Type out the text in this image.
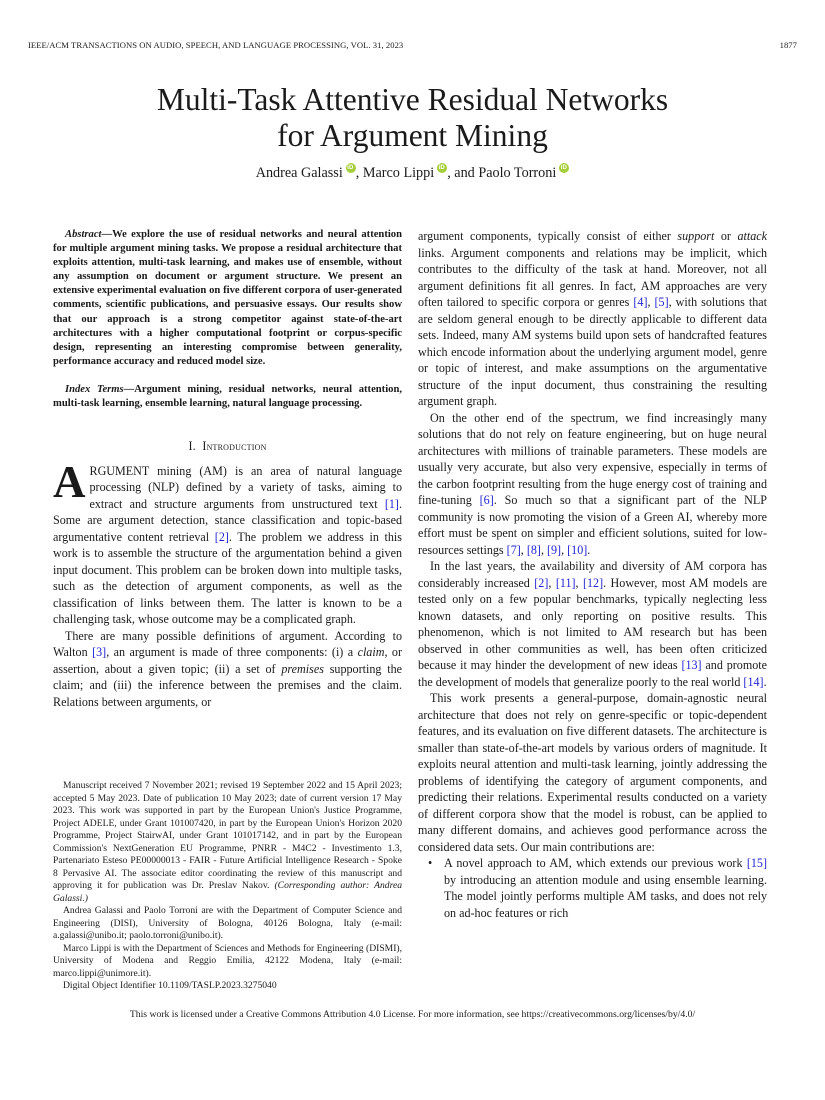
IEEE/ACM TRANSACTIONS ON AUDIO, SPEECH, AND LANGUAGE PROCESSING, VOL. 31, 2023	1877
Multi-Task Attentive Residual Networks
for Argument Mining
Andrea Galassi iD , Marco Lippi iD , and Paolo TorroniiD

Abstract—We explore the use of residual networks and neural attention for multiple argument mining tasks. We propose a residual architecture that exploits attention, multi-task learning, and makes use of ensemble, without any assumption on document or argument structure. We present an extensive experimental evaluation on five different corpora of user-generated comments, scientific publications, and persuasive essays. Our results show that our approach is a strong competitor against state-of-the-art architectures with a higher computational footprint or corpus-specific design, representing an interesting compromise between generality, performance accuracy and reduced model size.

Index Terms—Argument mining, residual networks, neural attention, multi-task learning, ensemble learning, natural language processing.

I. Introduction

ARGUMENT mining (AM) is an area of natural language processing (NLP) defined by a variety of tasks, aiming to extract and structure arguments from unstructured text [1]. Some are argument detection, stance classification and topic-based argumentative content retrieval [2]. The problem we address in this work is to assemble the structure of the argumentation behind a given input document. This problem can be broken down into multiple tasks, such as the detection of argument components, as well as the classification of links between them. The latter is known to be a challenging task, whose outcome may be a complicated graph.

There are many possible definitions of argument. According to Walton [3], an argument is made of three components: (i) a claim, or assertion, about a given topic; (ii) a set of premises supporting the claim; and (iii) the inference between the premises and the claim. Relations between arguments, or

Manuscript received 7 November 2021; revised 19 September 2022 and 15 April 2023; accepted 5 May 2023. Date of publication 10 May 2023; date of current version 17 May 2023. This work was supported in part by the European Union's Justice Programme, Project ADELE, under Grant 101007420, in part by the European Union's Horizon 2020 Programme, Project StairwAI, under Grant 101017142, and in part by the European Commission's NextGeneration EU Programme, PNRR - M4C2 - Investimento 1.3, Partenariato Esteso PE00000013 - FAIR - Future Artificial Intelligence Research - Spoke 8 Pervasive AI. The associate editor coordinating the review of this manuscript and approving it for publication was Dr. Preslav Nakov. (Corresponding author: Andrea Galassi.)

Andrea Galassi and Paolo Torroni are with the Department of Computer Science and Engineering (DISI), University of Bologna, 40126 Bologna, Italy (e-mail: a.galassi@unibo.it; paolo.torroni@unibo.it).

Marco Lippi is with the Department of Sciences and Methods for Engineering (DISMI), University of Modena and Reggio Emilia, 42122 Modena, Italy (e-mail: marco.lippi@unimore.it).

Digital Object Identifier 10.1109/TASLP.2023.3275040

argument components, typically consist of either support or attack links. Argument components and relations may be implicit, which contributes to the difficulty of the task at hand. Moreover, not all argument definitions fit all genres. In fact, AM approaches are very often tailored to specific corpora or genres [4], [5], with solutions that are seldom general enough to be directly applicable to different data sets. Indeed, many AM systems build upon sets of handcrafted features which encode information about the underlying argument model, genre or topic of interest, and make assumptions on the argumentative structure of the input document, thus constraining the resulting argument graph.

On the other end of the spectrum, we find increasingly many solutions that do not rely on feature engineering, but on huge neural architectures with millions of trainable parameters. These models are usually very accurate, but also very expensive, especially in terms of the carbon footprint resulting from the huge energy cost of training and fine-tuning [6]. So much so that a significant part of the NLP community is now promoting the vision of a Green AI, whereby more effort must be spent on simpler and efficient solutions, suited for low-resources settings [7], [8], [9], [10].

In the last years, the availability and diversity of AM corpora has considerably increased [2], [11], [12]. However, most AM models are tested only on a few popular benchmarks, typically neglecting less known datasets, and only reporting on positive results. This phenomenon, which is not limited to AM research but has been observed in other communities as well, has been often criticized because it may hinder the development of new ideas [13] and promote the development of models that generalize poorly to the real world [14].

This work presents a general-purpose, domain-agnostic neural architecture that does not rely on genre-specific or topic-dependent features, and its evaluation on five different datasets. The architecture is smaller than state-of-the-art models by various orders of magnitude. It exploits neural attention and multi-task learning, jointly addressing the problems of identifying the category of argument components, and predicting their relations. Experimental results conducted on a variety of different corpora show that the model is robust, can be applied to many different domains, and achieves good performance across the considered data sets. Our main contributions are:

• A novel approach to AM, which extends our previous work [15] by introducing an attention module and using ensemble learning. The model jointly performs multiple AM tasks, and does not rely on ad-hoc features or rich
This work is licensed under a Creative Commons Attribution 4.0 License. For more information, see https://creativecommons.org/licenses/by/4.0/
